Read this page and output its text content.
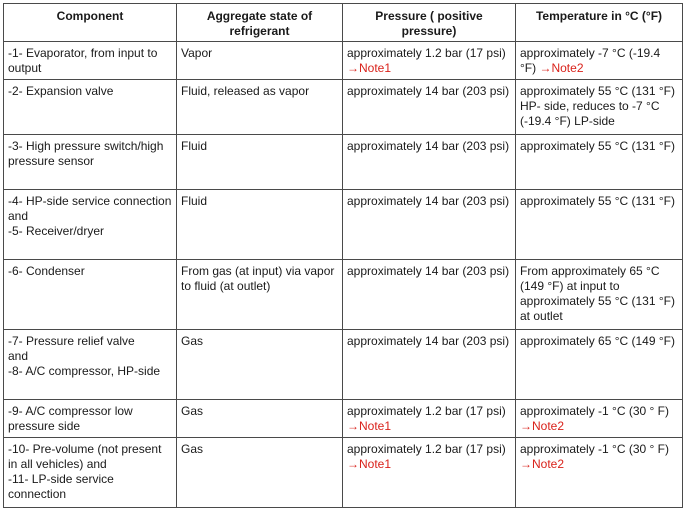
Component	Aggregate state of refrigerant	Pressure ( positive pressure)	Temperature in °C (°F)

-1- Evaporator, from input to output	Vapor	approximately 1.2 bar (17 psi) →Note1	approximately -7 °C (-19.4 °F) →Note2

-2- Expansion valve	Fluid, released as vapor	approximately 14 bar (203 psi)	approximately 55 °C (131 °F) HP- side, reduces to -7 °C (-19.4 °F) LP-side

-3- High pressure switch/high pressure sensor	Fluid	approximately 14 bar (203 psi)	approximately 55 °C (131 °F)

-4- HP-side service connection
and
-5- Receiver/dryer	Fluid	approximately 14 bar (203 psi)	approximately 55 °C (131 °F)

-6- Condenser	From gas (at input) via vapor to fluid (at outlet)	approximately 14 bar (203 psi)	From approximately 65 °C (149 °F) at input to approximately 55 °C (131 °F) at outlet

-7- Pressure relief valve
and
-8- A/C compressor, HP-side	Gas	approximately 14 bar (203 psi)	approximately 65 °C (149 °F)

-9- A/C compressor low pressure side	Gas	approximately 1.2 bar (17 psi) →Note1	approximately -1 °C (30 ° F) →Note2

-10- Pre-volume (not present in all vehicles) and
-11- LP-side service connection	Gas	approximately 1.2 bar (17 psi) →Note1	approximately -1 °C (30 ° F) →Note2
